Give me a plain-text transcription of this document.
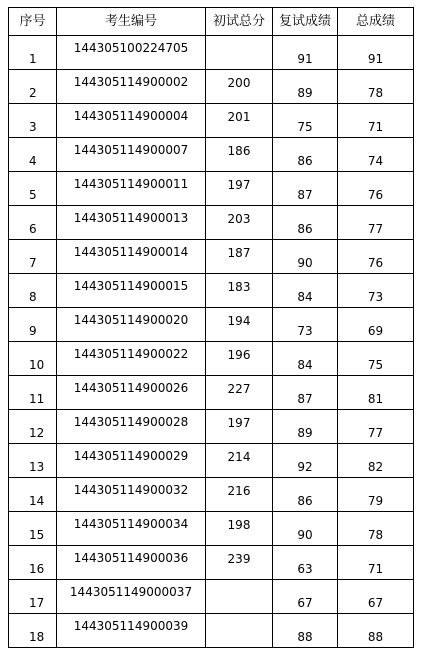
序号	考生编号	初试总分	复试成绩	总成绩

1	144305100224705		91	91

2	144305114900002	200	89	78

3	144305114900004	201	75	71

4	144305114900007	186	86	74

5	144305114900011	197	87	76

6	144305114900013	203	86	77

7	144305114900014	187	90	76

8	144305114900015	183	84	73

9	144305114900020	194	73	69

10	144305114900022	196	84	75

11	144305114900026	227	87	81

12	144305114900028	197	89	77

13	144305114900029	214	92	82

14	144305114900032	216	86	79

15	144305114900034	198	90	78

16	144305114900036	239	63	71

17	1443051149000037		67	67

18	144305114900039		88	88
